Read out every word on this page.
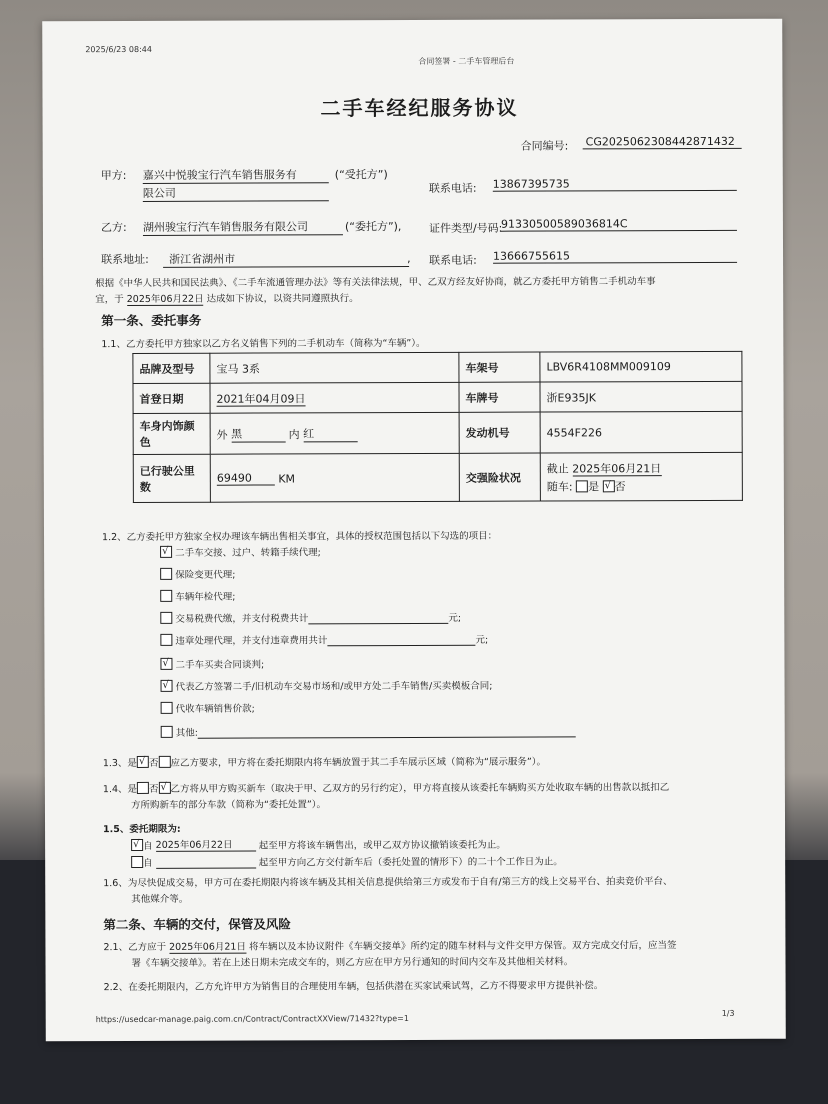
2025/6/23 08:44
合同签署 - 二手车管理后台
二手车经纪服务协议
合同编号: CG2025062308442871432
甲方: 嘉兴中悦骏宝行汽车销售服务有	(“受托方”)
限公司	联系电话: 13867395735
乙方: 湖州骏宝行汽车销售服务有限公司	(“委托方”), 证件类型/号码:
91330500589036814C
联系地址:	浙江省湖州市	, 联系电话: 13666755615
根据《中华人民共和国民法典》、《二手车流通管理办法》等有关法律法规，甲、乙双方经友好协商，就乙方委托甲方销售二手机动车事
宜，于 2025年06月22日 达成如下协议，以资共同遵照执行。
第一条、委托事务
1.1、乙方委托甲方独家以乙方名义销售下列的二手机动车（简称为“车辆”）。
品牌及型号	宝马 3系	车架号	LBV6R4108MM009109
首登日期	2021年04月09日	车牌号	浙E935JK
车身内饰颜色	外 黑 内 红	发动机号	4554F226
已行驶公里数	69490 KM	交强险状况	截止 2025年06月21日
随车: 是 √ 否
1.2、乙方委托甲方独家全权办理该车辆出售相关事宜，具体的授权范围包括以下勾选的项目：
√ 二手车交接、过户、转籍手续代理;
保险变更代理;
车辆年检代理;
交易税费代缴，并支付税费共计	元;
违章处理代理，并支付违章费用共计	元;
√ 二手车买卖合同谈判;
√ 代表乙方签署二手/旧机动车交易市场和/或甲方处二手车销售/买卖模板合同;
代收车辆销售价款;
其他:
1.3、是 √ 否 应乙方要求，甲方将在委托期限内将车辆放置于其二手车展示区域（简称为“展示服务”）。
1.4、是 否 √ 乙方将从甲方购买新车（取决于甲、乙双方的另行约定），甲方将直接从该委托车辆购买方处收取车辆的出售款以抵扣乙
方所购新车的部分车款（简称为“委托处置”）。
1.5、委托期限为:
√自 2025年06月22日	起至甲方将该车辆售出，或甲乙双方协议撤销该委托为止。
自	起至甲方向乙方交付新车后（委托处置的情形下）的二十个工作日为止。
1.6、为尽快促成交易，甲方可在委托期限内将该车辆及其相关信息提供给第三方或发布于自有/第三方的线上交易平台、拍卖竞价平台、
其他媒介等。
第二条、车辆的交付，保管及风险
2.1、乙方应于 2025年06月21日 将车辆以及本协议附件《车辆交接单》所约定的随车材料与文件交甲方保管。双方完成交付后，应当签
署《车辆交接单》。若在上述日期未完成交车的，则乙方应在甲方另行通知的时间内交车及其他相关材料。
2.2、在委托期限内，乙方允许甲方为销售目的合理使用车辆，包括供潜在买家试乘试驾，乙方不得要求甲方提供补偿。
https://usedcar-manage.paig.com.cn/Contract/ContractXXView/71432?type=1
1/3
